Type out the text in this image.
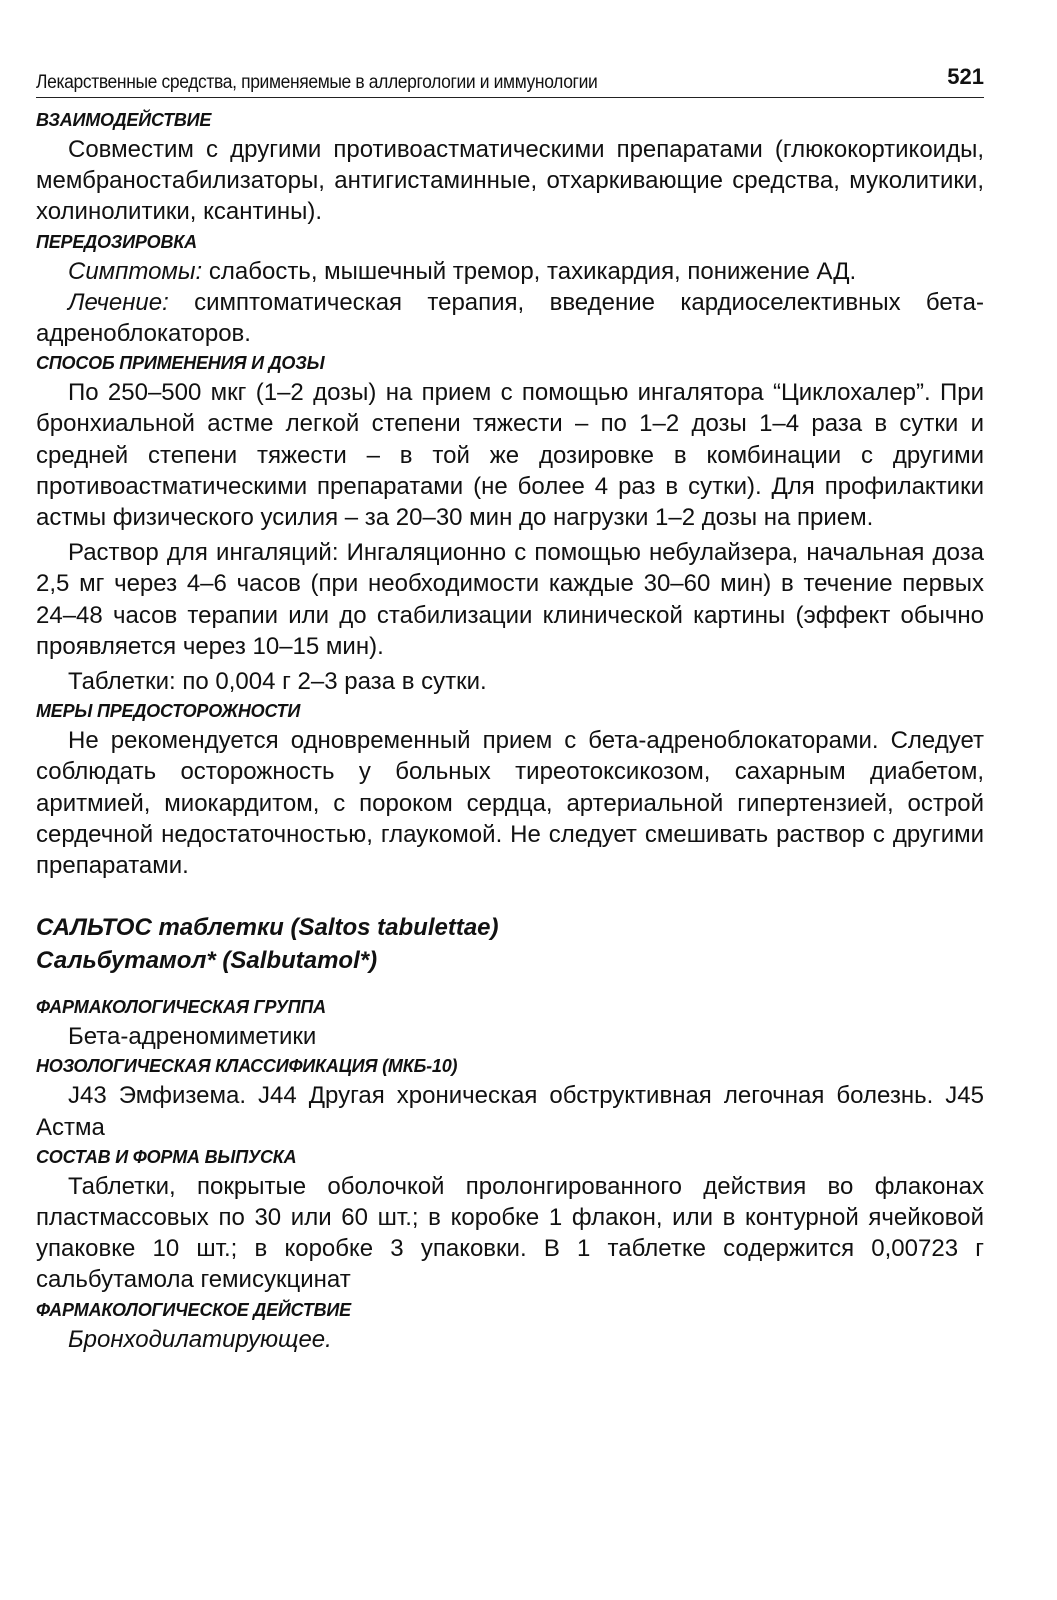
Лекарственные средства, применяемые в аллергологии и иммунологии	521
ВЗАИМОДЕЙСТВИЕ

Совместим с другими противоастматическими препаратами (глюкокортикоиды, мембраностабилизаторы, антигистаминные, отхаркивающие средства, муколитики, холинолитики, ксантины).

ПЕРЕДОЗИРОВКА

Симптомы: слабость, мышечный тремор, тахикардия, понижение АД.

Лечение: симптоматическая терапия, введение кардиоселективных бета-адреноблокаторов.

СПОСОБ ПРИМЕНЕНИЯ И ДОЗЫ

По 250–500 мкг (1–2 дозы) на прием с помощью ингалятора “Циклохалер”. При бронхиальной астме легкой степени тяжести – по 1–2 дозы 1–4 раза в сутки и средней степени тяжести – в той же дозировке в комбинации с другими противоастматическими препаратами (не более 4 раз в сутки). Для профилактики астмы физического усилия – за 20–30 мин до нагрузки 1–2 дозы на прием.

Раствор для ингаляций: Ингаляционно с помощью небулайзера, начальная доза 2,5 мг через 4–6 часов (при необходимости каждые 30–60 мин) в течение первых 24–48 часов терапии или до стабилизации клинической картины (эффект обычно проявляется через 10–15 мин).

Таблетки: по 0,004 г 2–3 раза в сутки.

МЕРЫ ПРЕДОСТОРОЖНОСТИ

Не рекомендуется одновременный прием с бета-адреноблокаторами. Следует соблюдать осторожность у больных тиреотоксикозом, сахарным диабетом, аритмией, миокардитом, с пороком сердца, артериальной гипертензией, острой сердечной недостаточностью, глаукомой. Не следует смешивать раствор с другими препаратами.

САЛЬТОС таблетки (Saltos tabulettae)

Сальбутамол* (Salbutamol*)

ФАРМАКОЛОГИЧЕСКАЯ ГРУППА

Бета-адреномиметики

НОЗОЛОГИЧЕСКАЯ КЛАССИФИКАЦИЯ (МКБ-10)

J43 Эмфизема. J44 Другая хроническая обструктивная легочная болезнь. J45 Астма

СОСТАВ И ФОРМА ВЫПУСКА

Таблетки, покрытые оболочкой пролонгированного действия во флаконах пластмассовых по 30 или 60 шт.; в коробке 1 флакон, или в контурной ячейковой упаковке 10 шт.; в коробке 3 упаковки. В 1 таблетке содержится 0,00723 г сальбутамола гемисукцинат

ФАРМАКОЛОГИЧЕСКОЕ ДЕЙСТВИЕ

Бронходилатирующее.
